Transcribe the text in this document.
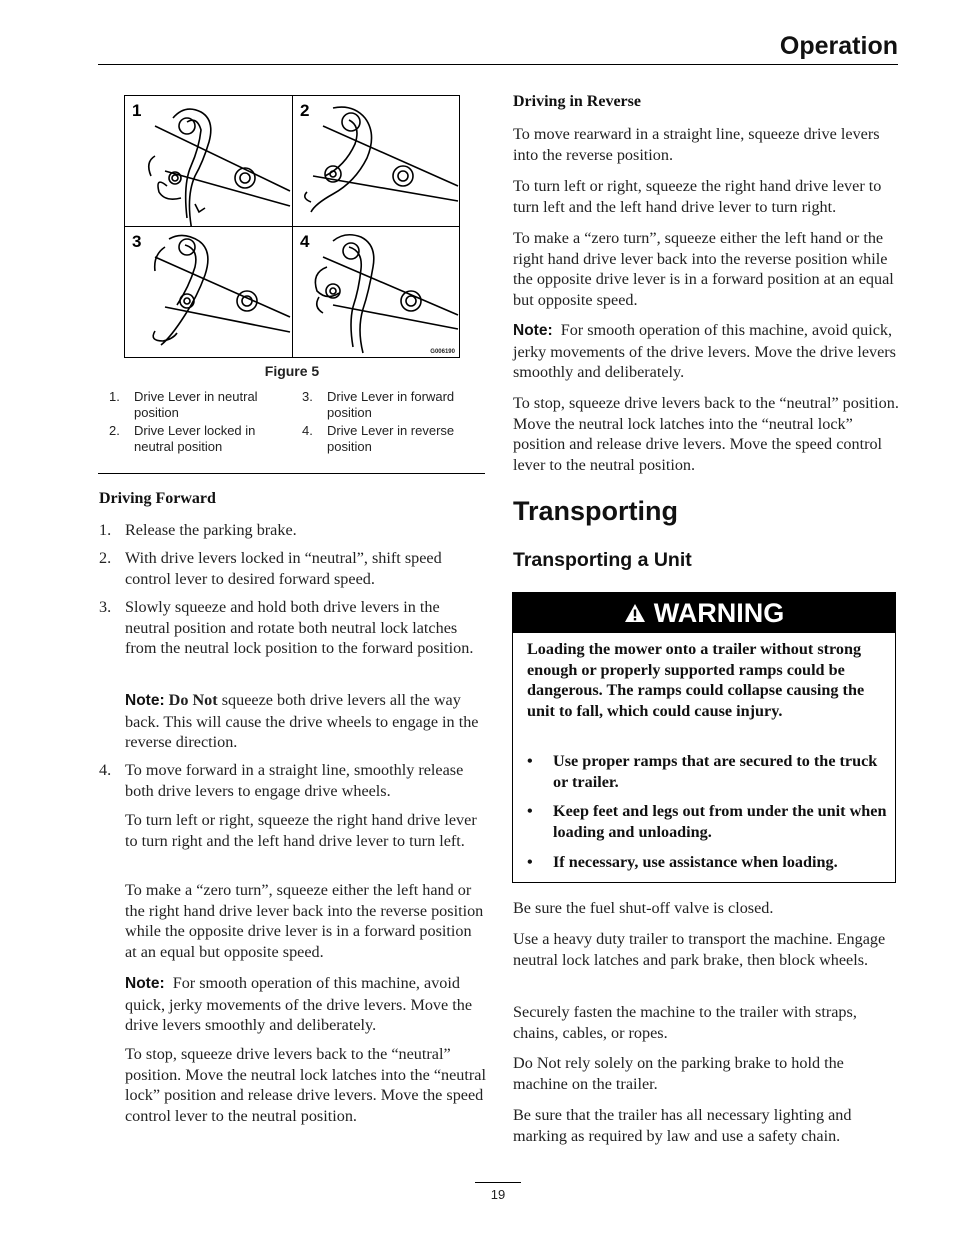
Operation
1	2
3	4
G006190
Figure 5
1. Drive Lever in neutral position
2. Drive Lever locked in neutral position
3. Drive Lever in forward position
4. Drive Lever in reverse position
Driving Forward
1. Release the parking brake.
2. With drive levers locked in “neutral”, shift speed control lever to desired forward speed.
3. Slowly squeeze and hold both drive levers in the neutral position and rotate both neutral lock latches from the neutral lock position to the forward position.
Note: Do Not squeeze both drive levers all the way back. This will cause the drive wheels to engage in the reverse direction.
4. To move forward in a straight line, smoothly release both drive levers to engage drive wheels.
To turn left or right, squeeze the right hand drive lever to turn right and the left hand drive lever to turn left.
To make a “zero turn”, squeeze either the left hand or the right hand drive lever back into the reverse position while the opposite drive lever is in a forward position at an equal but opposite speed.
Note: For smooth operation of this machine, avoid quick, jerky movements of the drive levers. Move the drive levers smoothly and deliberately.
To stop, squeeze drive levers back to the “neutral” position. Move the neutral lock latches into the “neutral lock” position and release drive levers. Move the speed control lever to the neutral position.
Driving in Reverse
To move rearward in a straight line, squeeze drive levers into the reverse position.
To turn left or right, squeeze the right hand drive lever to turn left and the left hand drive lever to turn right.
To make a “zero turn”, squeeze either the left hand or the right hand drive lever back into the reverse position while the opposite drive lever is in a forward position at an equal but opposite speed.
Note: For smooth operation of this machine, avoid quick, jerky movements of the drive levers. Move the drive levers smoothly and deliberately.
To stop, squeeze drive levers back to the “neutral” position. Move the neutral lock latches into the “neutral lock” position and release drive levers. Move the speed control lever to the neutral position.
Transporting
Transporting a Unit
WARNING
Loading the mower onto a trailer without strong enough or properly supported ramps could be dangerous. The ramps could collapse causing the unit to fall, which could cause injury.
• Use proper ramps that are secured to the truck or trailer.
• Keep feet and legs out from under the unit when loading and unloading.
• If necessary, use assistance when loading.
Be sure the fuel shut-off valve is closed.
Use a heavy duty trailer to transport the machine. Engage neutral lock latches and park brake, then block wheels.
Securely fasten the machine to the trailer with straps, chains, cables, or ropes.
Do Not rely solely on the parking brake to hold the machine on the trailer.
Be sure that the trailer has all necessary lighting and marking as required by law and use a safety chain.
19
